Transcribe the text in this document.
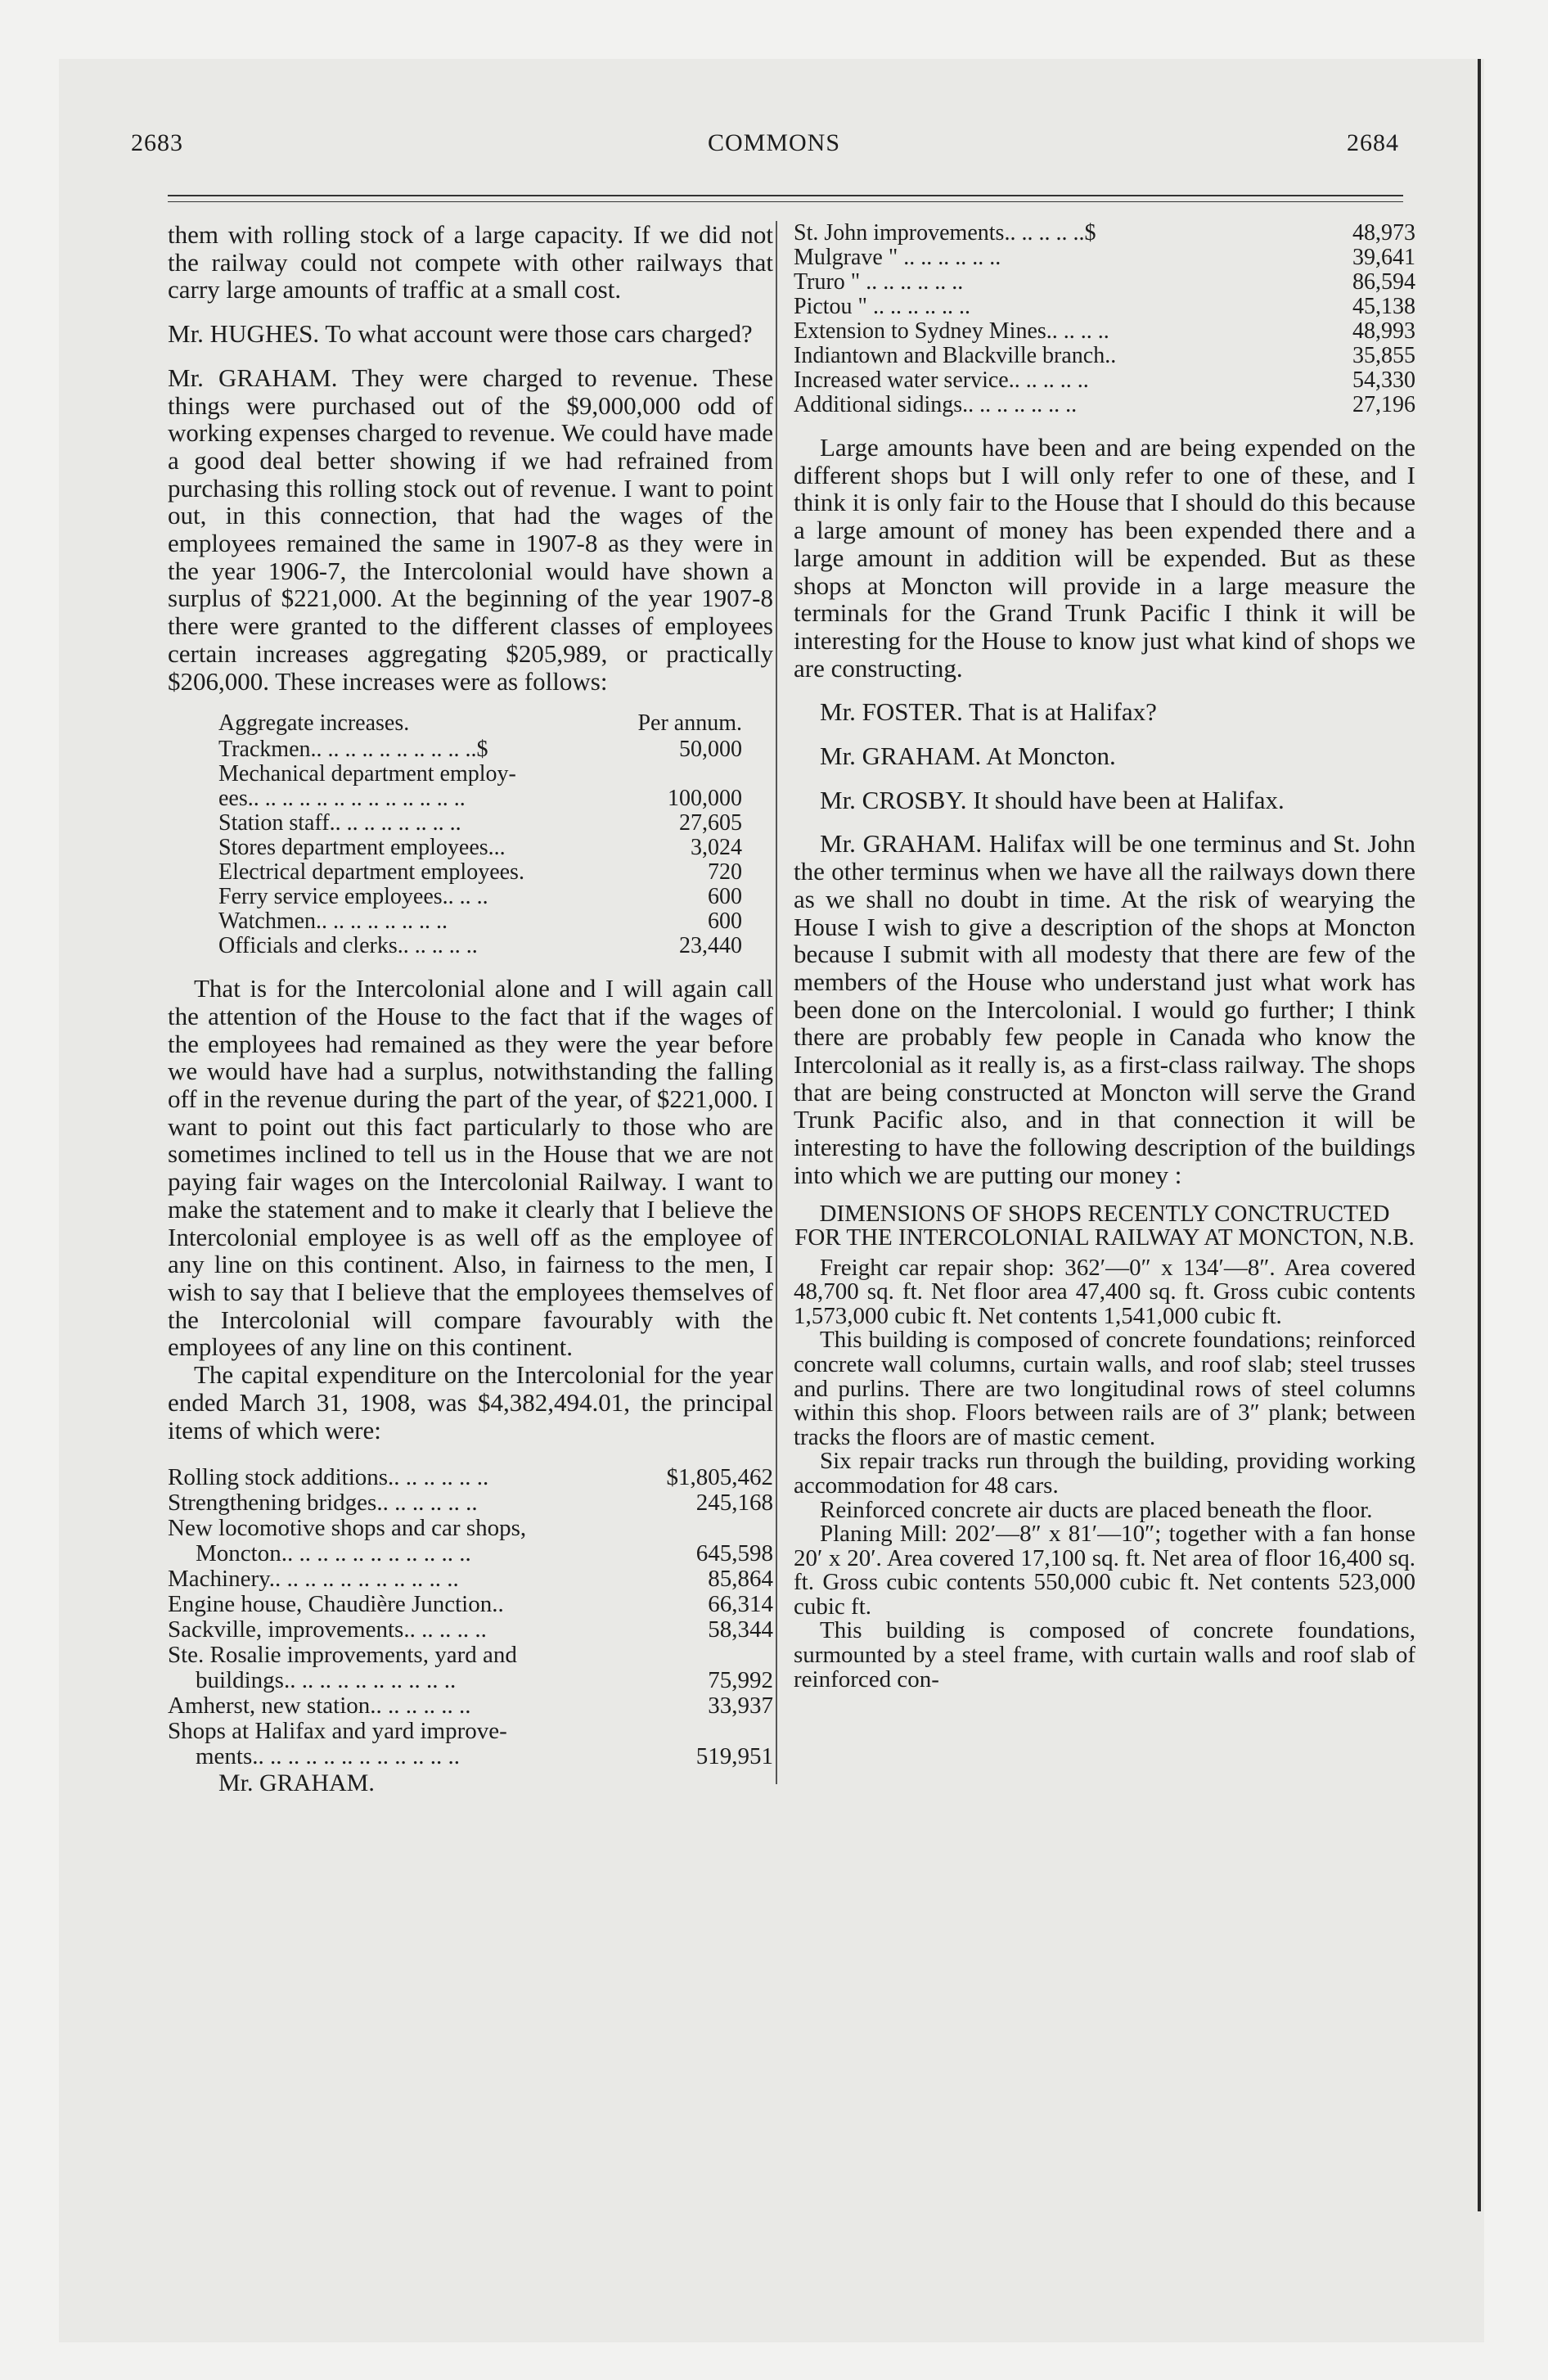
2683	COMMONS	2684

them with rolling stock of a large capacity. If we did not the railway could not compete with other railways that carry large amounts of traffic at a small cost.

Mr. HUGHES. To what account were those cars charged?

Mr. GRAHAM. They were charged to revenue. These things were purchased out of the $9,000,000 odd of working expenses charged to revenue. We could have made a good deal better showing if we had refrained from purchasing this rolling stock out of revenue. I want to point out, in this connection, that had the wages of the employees remained the same in 1907-8 as they were in the year 1906-7, the Intercolonial would have shown a surplus of $221,000. At the beginning of the year 1907-8 there were granted to the different classes of employees certain increases aggregating $205,989, or practically $206,000. These increases were as follows:

Aggregate increases.	Per annum.
Trackmen.. .. .. .. .. .. .. .. .. ..$	50,000
Mechanical department employ-
ees.. .. .. .. .. .. .. .. .. .. .. .. ..	100,000
Station staff.. .. .. .. .. .. .. ..	27,605
Stores department employees...	3,024
Electrical department employees.	720
Ferry service employees.. .. ..	600
Watchmen.. .. .. .. .. .. .. ..	600
Officials and clerks.. .. .. .. ..	23,440

That is for the Intercolonial alone and I will again call the attention of the House to the fact that if the wages of the employees had remained as they were the year before we would have had a surplus, notwithstanding the falling off in the revenue during the part of the year, of $221,000. I want to point out this fact particularly to those who are sometimes inclined to tell us in the House that we are not paying fair wages on the Intercolonial Railway. I want to make the statement and to make it clearly that I believe the Intercolonial employee is as well off as the employee of any line on this continent. Also, in fairness to the men, I wish to say that I believe that the employees themselves of the Intercolonial will compare favourably with the employees of any line on this continent.

The capital expenditure on the Intercolonial for the year ended March 31, 1908, was $4,382,494.01, the principal items of which were:

Rolling stock additions.. .. .. .. .. ..	$1,805,462
Strengthening bridges.. .. .. .. .. ..	245,168
New locomotive shops and car shops,
Moncton.. .. .. .. .. .. .. .. .. .. ..	645,598
Machinery.. .. .. .. .. .. .. .. .. .. ..	85,864
Engine house, Chaudière Junction..	66,314
Sackville, improvements.. .. .. .. ..	58,344
Ste. Rosalie improvements, yard and
buildings.. .. .. .. .. .. .. .. .. ..	75,992
Amherst, new station.. .. .. .. .. ..	33,937
Shops at Halifax and yard improve-
ments.. .. .. .. .. .. .. .. .. .. .. ..	519,951

Mr. GRAHAM.

St. John improvements.. .. .. .. ..$	48,973
Mulgrave " .. .. .. .. .. ..	39,641
Truro " .. .. .. .. .. ..	86,594
Pictou " .. .. .. .. .. ..	45,138
Extension to Sydney Mines.. .. .. ..	48,993
Indiantown and Blackville branch..	35,855
Increased water service.. .. .. .. ..	54,330
Additional sidings.. .. .. .. .. .. ..	27,196

Large amounts have been and are being expended on the different shops but I will only refer to one of these, and I think it is only fair to the House that I should do this because a large amount of money has been expended there and a large amount in addition will be expended. But as these shops at Moncton will provide in a large measure the terminals for the Grand Trunk Pacific I think it will be interesting for the House to know just what kind of shops we are constructing.

Mr. FOSTER. That is at Halifax?

Mr. GRAHAM. At Moncton.

Mr. CROSBY. It should have been at Halifax.

Mr. GRAHAM. Halifax will be one terminus and St. John the other terminus when we have all the railways down there as we shall no doubt in time. At the risk of wearying the House I wish to give a description of the shops at Moncton because I submit with all modesty that there are few of the members of the House who understand just what work has been done on the Intercolonial. I would go further; I think there are probably few people in Canada who know the Intercolonial as it really is, as a first-class railway. The shops that are being constructed at Moncton will serve the Grand Trunk Pacific also, and in that connection it will be interesting to have the following description of the buildings into which we are putting our money :

DIMENSIONS OF SHOPS RECENTLY CONCTRUCTED FOR THE INTERCOLONIAL RAILWAY AT MONCTON, N.B.

Freight car repair shop: 362′—0″ x 134′—8″. Area covered 48,700 sq. ft. Net floor area 47,400 sq. ft. Gross cubic contents 1,573,000 cubic ft. Net contents 1,541,000 cubic ft.

This building is composed of concrete foundations; reinforced concrete wall columns, curtain walls, and roof slab; steel trusses and purlins. There are two longitudinal rows of steel columns within this shop. Floors between rails are of 3″ plank; between tracks the floors are of mastic cement.

Six repair tracks run through the building, providing working accommodation for 48 cars.

Reinforced concrete air ducts are placed beneath the floor.

Planing Mill: 202′—8″ x 81′—10″; together with a fan honse 20′ x 20′. Area covered 17,100 sq. ft. Net area of floor 16,400 sq. ft. Gross cubic contents 550,000 cubic ft. Net contents 523,000 cubic ft.

This building is composed of concrete foundations, surmounted by a steel frame, with curtain walls and roof slab of reinforced con-
